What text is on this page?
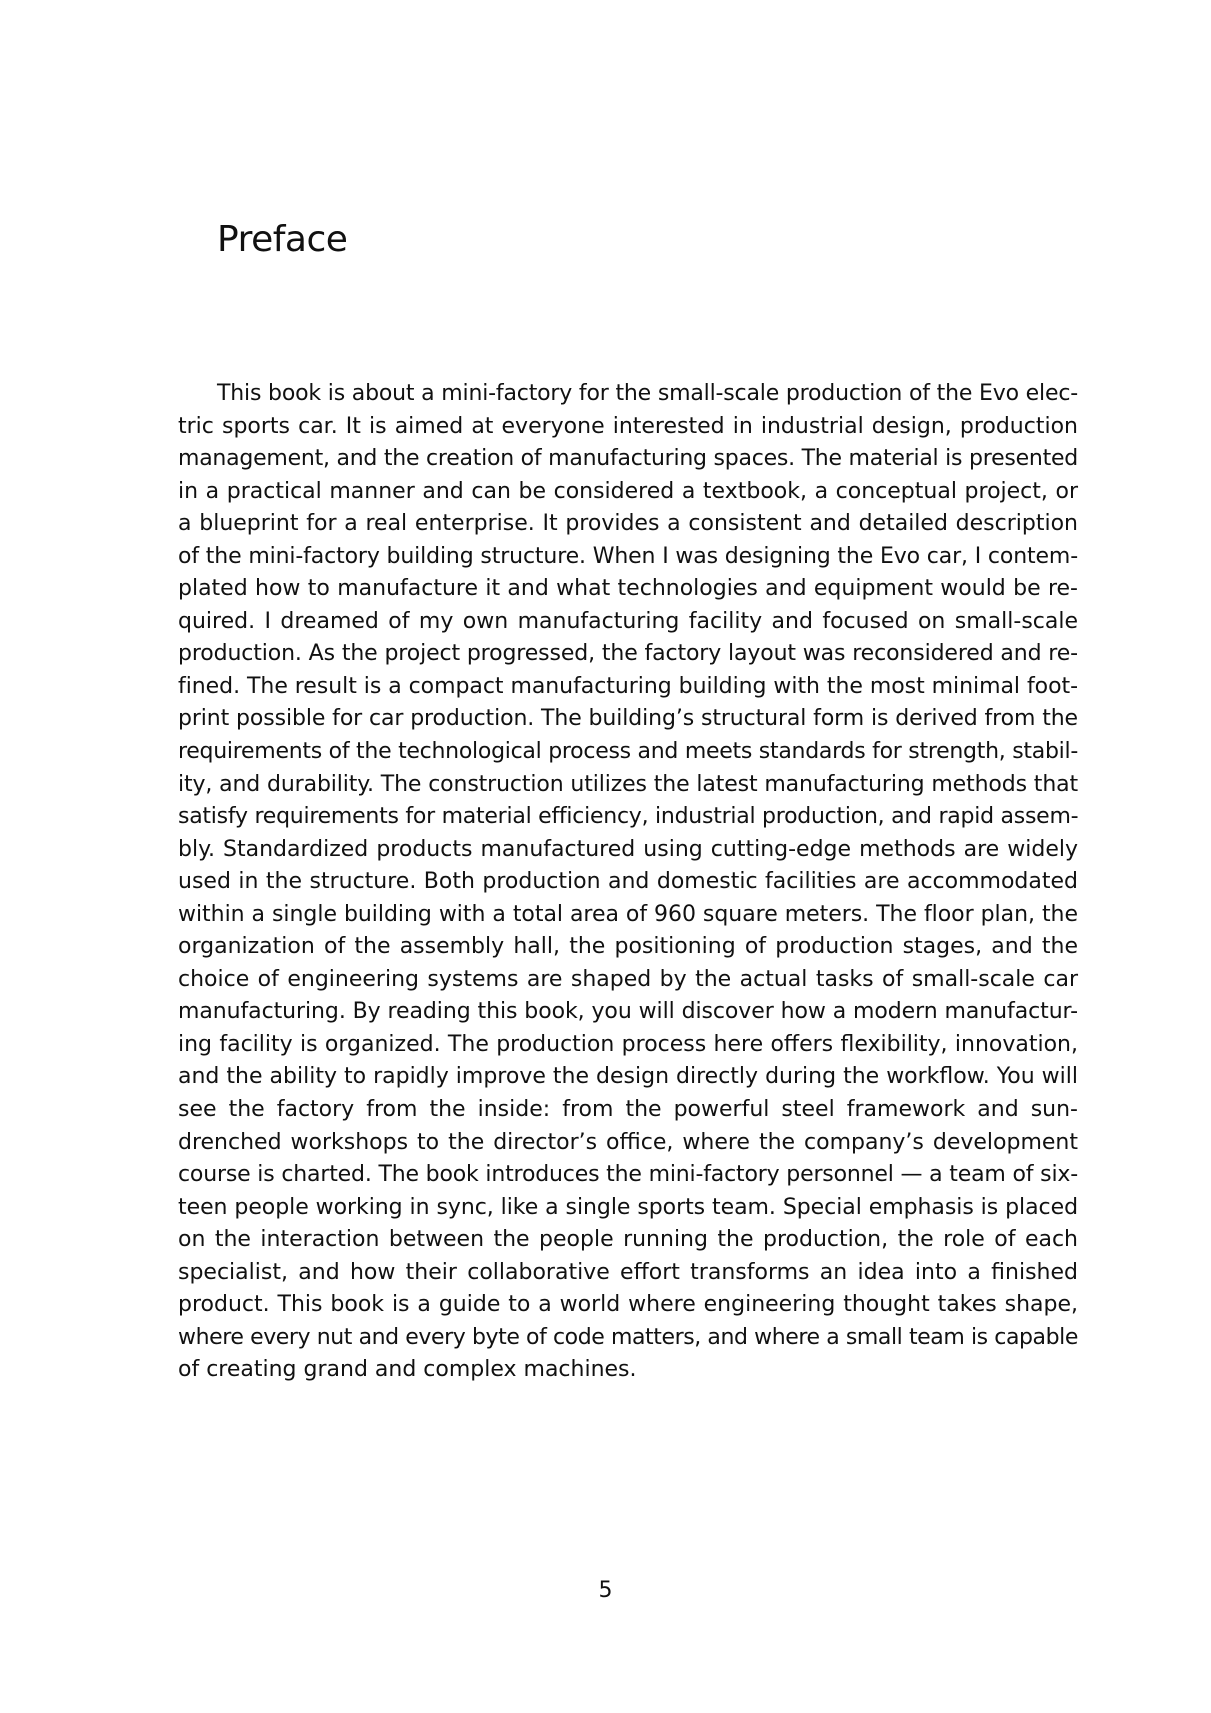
Preface
This book is about a mini-factory for the small-scale production of the Evo elec-
tric sports car. It is aimed at everyone interested in industrial design, production
management, and the creation of manufacturing spaces. The material is presented
in a practical manner and can be considered a textbook, a conceptual project, or
a blueprint for a real enterprise. It provides a consistent and detailed description
of the mini-factory building structure. When I was designing the Evo car, I contem-
plated how to manufacture it and what technologies and equipment would be re-
quired. I dreamed of my own manufacturing facility and focused on small-scale
production. As the project progressed, the factory layout was reconsidered and re-
fined. The result is a compact manufacturing building with the most minimal foot-
print possible for car production. The building’s structural form is derived from the
requirements of the technological process and meets standards for strength, stabil-
ity, and durability. The construction utilizes the latest manufacturing methods that
satisfy requirements for material efficiency, industrial production, and rapid assem-
bly. Standardized products manufactured using cutting-edge methods are widely
used in the structure. Both production and domestic facilities are accommodated
within a single building with a total area of 960 square meters. The floor plan, the
organization of the assembly hall, the positioning of production stages, and the
choice of engineering systems are shaped by the actual tasks of small-scale car
manufacturing. By reading this book, you will discover how a modern manufactur-
ing facility is organized. The production process here offers flexibility, innovation,
and the ability to rapidly improve the design directly during the workflow. You will
see the factory from the inside: from the powerful steel framework and sun-
drenched workshops to the director’s office, where the company’s development
course is charted. The book introduces the mini-factory personnel — a team of six-
teen people working in sync, like a single sports team. Special emphasis is placed
on the interaction between the people running the production, the role of each
specialist, and how their collaborative effort transforms an idea into a finished
product. This book is a guide to a world where engineering thought takes shape,
where every nut and every byte of code matters, and where a small team is capable
of creating grand and complex machines.
5
